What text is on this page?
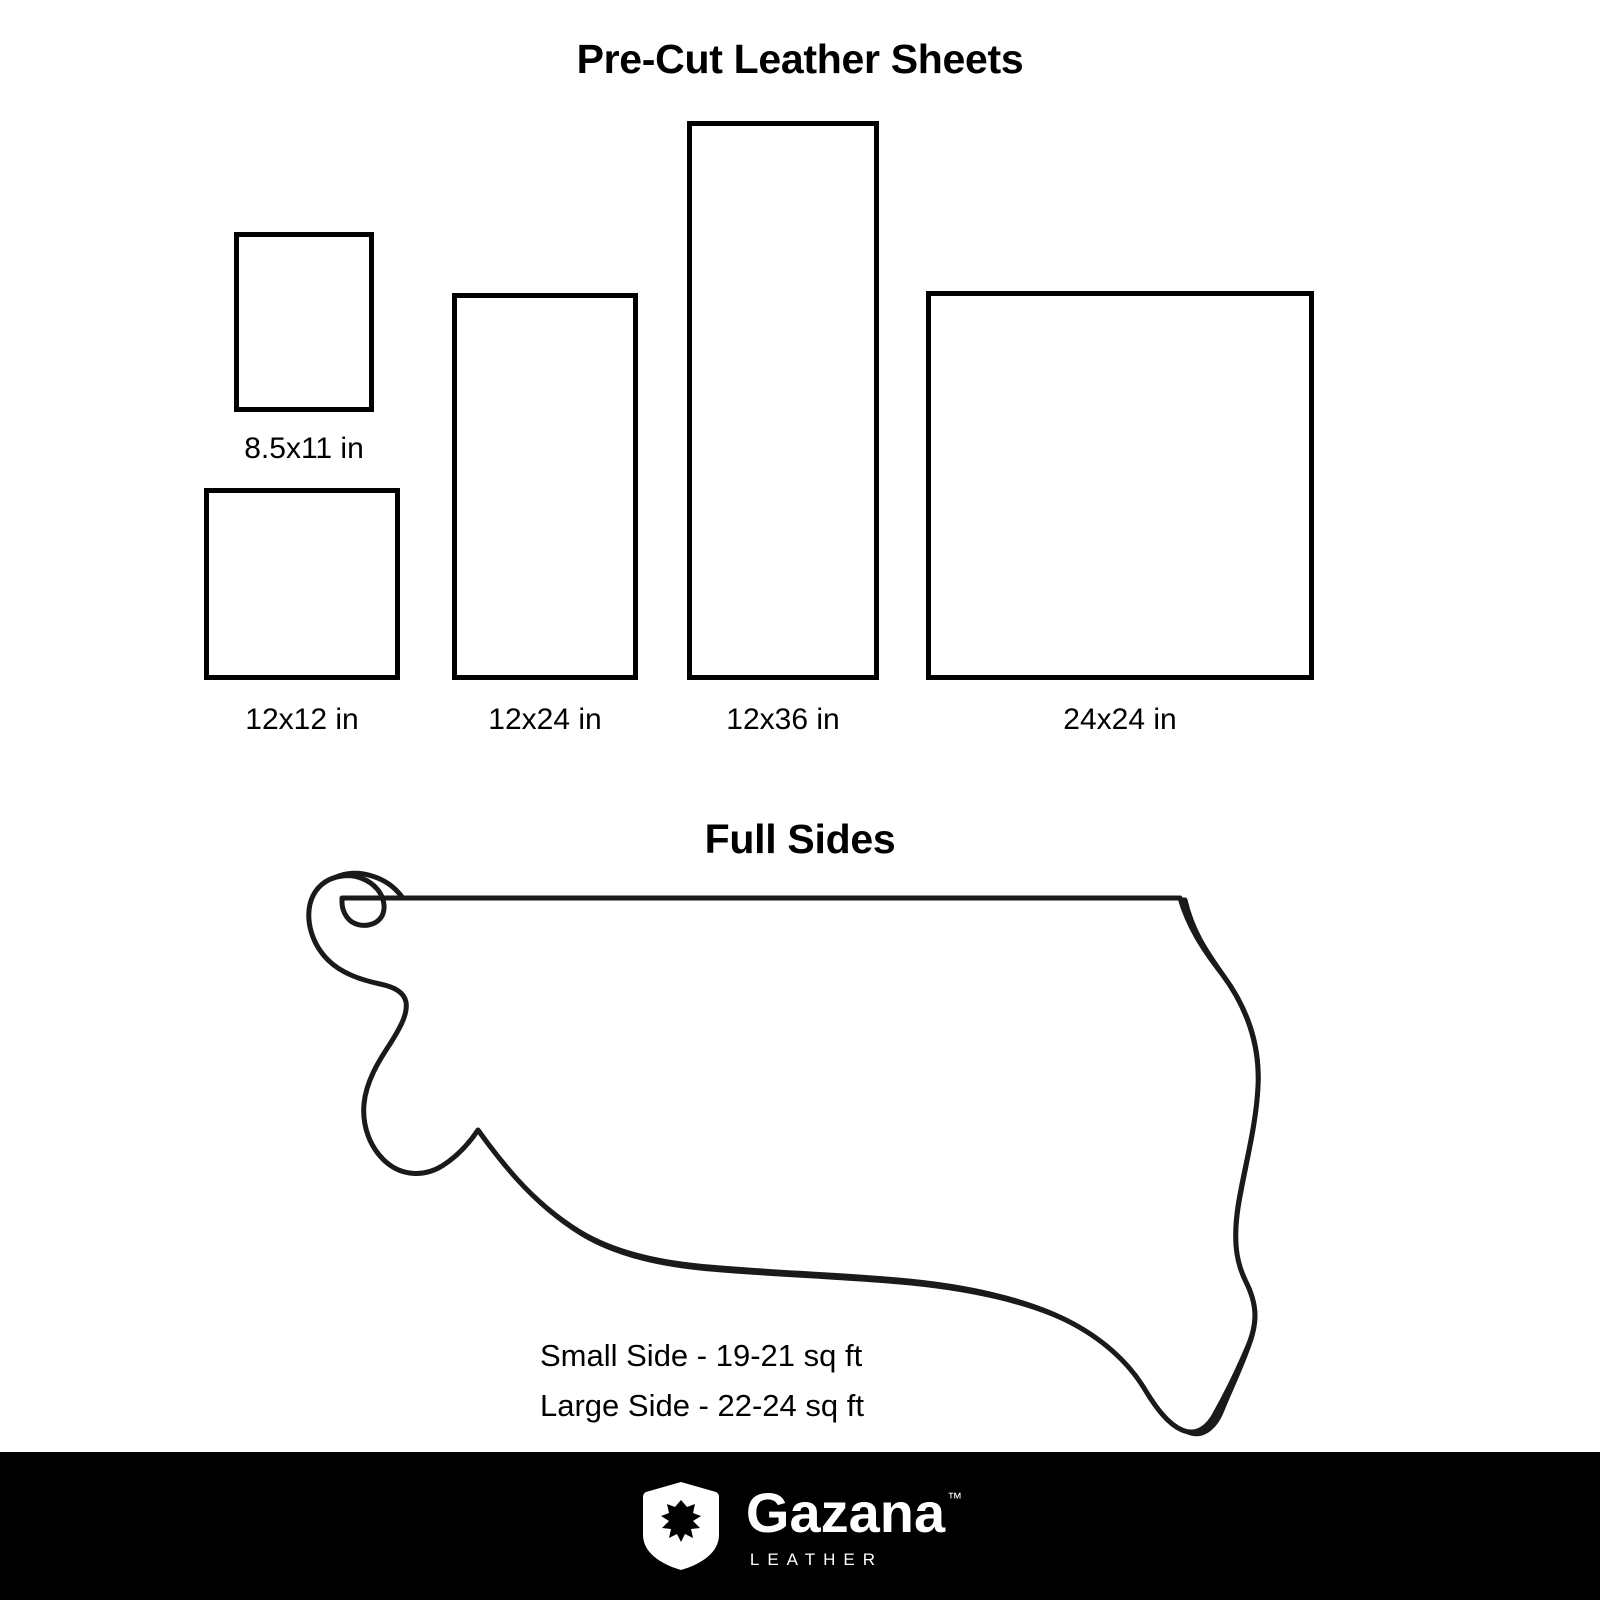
Pre-Cut Leather Sheets
8.5x11 in
12x12 in	12x24 in	12x36 in	24x24 in
Full Sides
Small Side - 19-21 sq ft
Large Side - 22-24 sq ft
Gazana ™
LEATHER
